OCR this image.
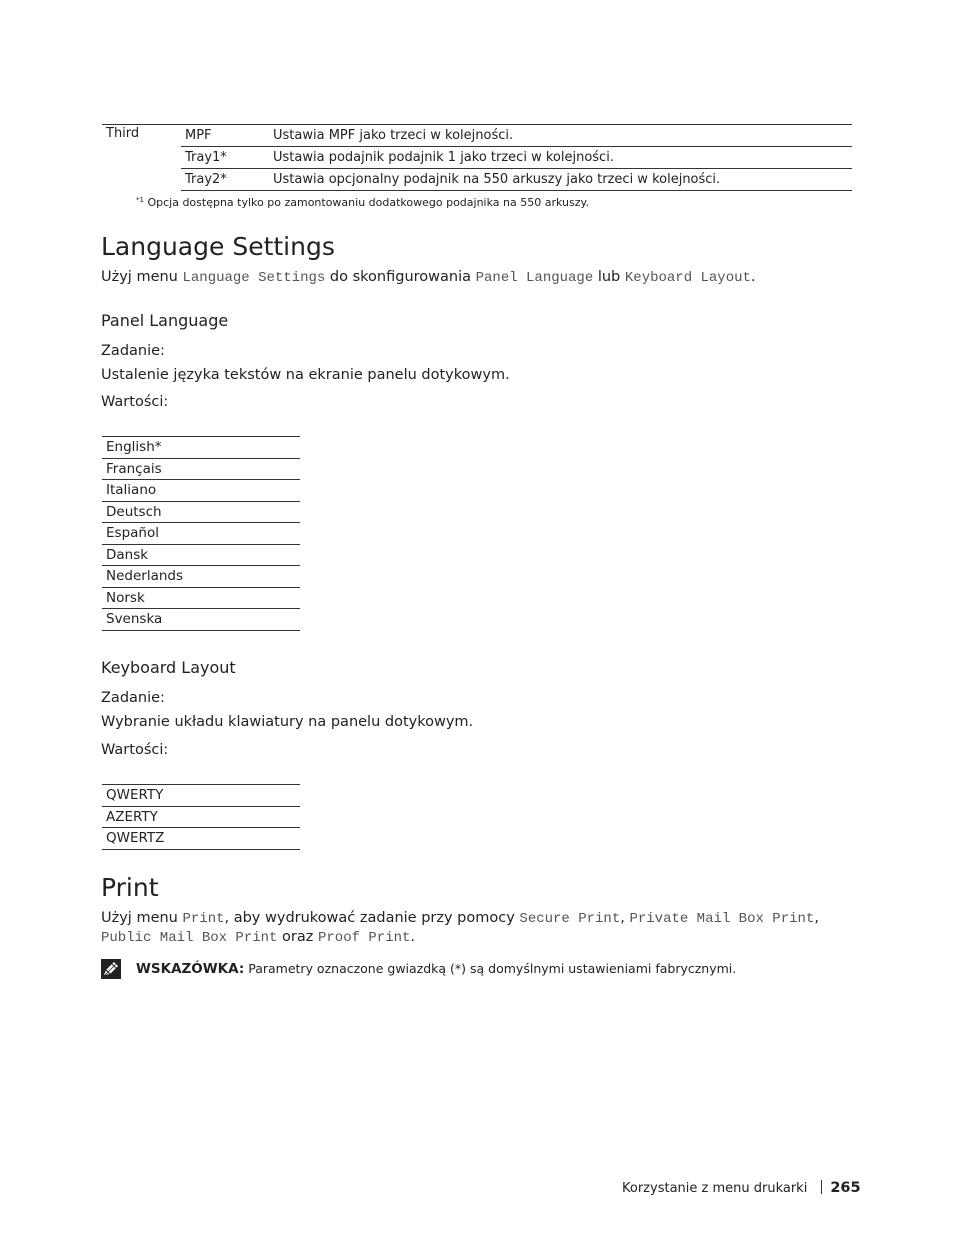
Third	MPF	Ustawia MPF jako trzeci w kolejności.
	Tray1*	Ustawia podajnik podajnik 1 jako trzeci w kolejności.
	Tray2*	Ustawia opcjonalny podajnik na 550 arkuszy jako trzeci w kolejności.
$^{*1}$ Opcja dostępna tylko po zamontowaniu dodatkowego podajnika na 550 arkuszy.
Language Settings
Użyj menu Language Settings do skonfigurowania Panel Language lub Keyboard Layout.
Panel Language
Zadanie:
Ustalenie języka tekstów na ekranie panelu dotykowym.
Wartości:
English*
Français
Italiano
Deutsch
Español
Dansk
Nederlands
Norsk
Svenska
Keyboard Layout
Zadanie:
Wybranie układu klawiatury na panelu dotykowym.
Wartości:
QWERTY
AZERTY
QWERTZ
Print
Użyj menu Print, aby wydrukować zadanie przy pomocy Secure Print, Private Mail Box Print,
Public Mail Box Print oraz Proof Print.
WSKAZÓWKA: Parametry oznaczone gwiazdką (*) są domyślnymi ustawieniami fabrycznymi.
Korzystanie z menu drukarki 265
